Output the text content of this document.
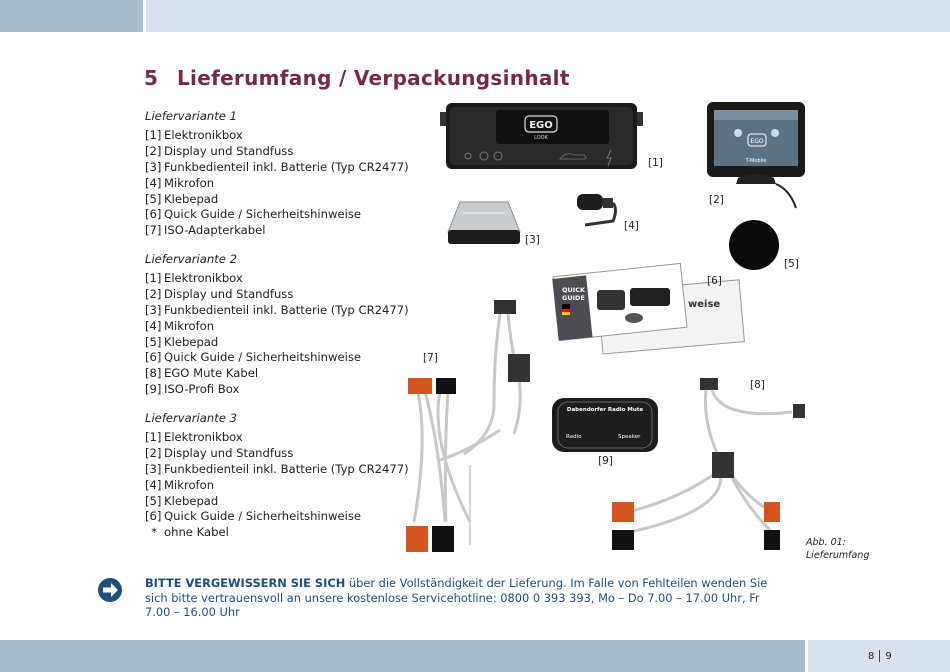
5 Lieferumfang / Verpackungsinhalt
Liefervariante 1
[1] Elektronikbox
[2] Display und Standfuss
[3] Funkbedienteil inkl. Batterie (Typ CR2477)
[4] Mikrofon
[5] Klebepad
[6] Quick Guide / Sicherheitshinweise
[7] ISO-Adapterkabel
Liefervariante 2
[1] Elektronikbox
[2] Display und Standfuss
[3] Funkbedienteil inkl. Batterie (Typ CR2477)
[4] Mikrofon
[5] Klebepad
[6] Quick Guide / Sicherheitshinweise
[8] EGO Mute Kabel
[9] ISO-Profi Box
Liefervariante 3
[1] Elektronikbox
[2] Display und Standfuss
[3] Funkbedienteil inkl. Batterie (Typ CR2477)
[4] Mikrofon
[5] Klebepad
[6] Quick Guide / Sicherheitshinweise
* ohne Kabel
EGO
LOOK	EGO
T-Mobile
QUICK
GUIDE
weise
Dabendorfer Radio Mute
Radio	Speaker
[1]
[2]
[3]
[4]
[5]
[6]
[7]
[8]
[9]
Abb. 01:
Lieferumfang
BITTE VERGEWISSERN SIE SICH über die Vollständigkeit der Lieferung. Im Falle von Fehlteilen wenden Sie sich bitte vertrauensvoll an unsere kostenlose Servicehotline: 0800 0 393 393, Mo – Do 7.00 – 17.00 Uhr, Fr 7.00 – 16.00 Uhr
8 9
